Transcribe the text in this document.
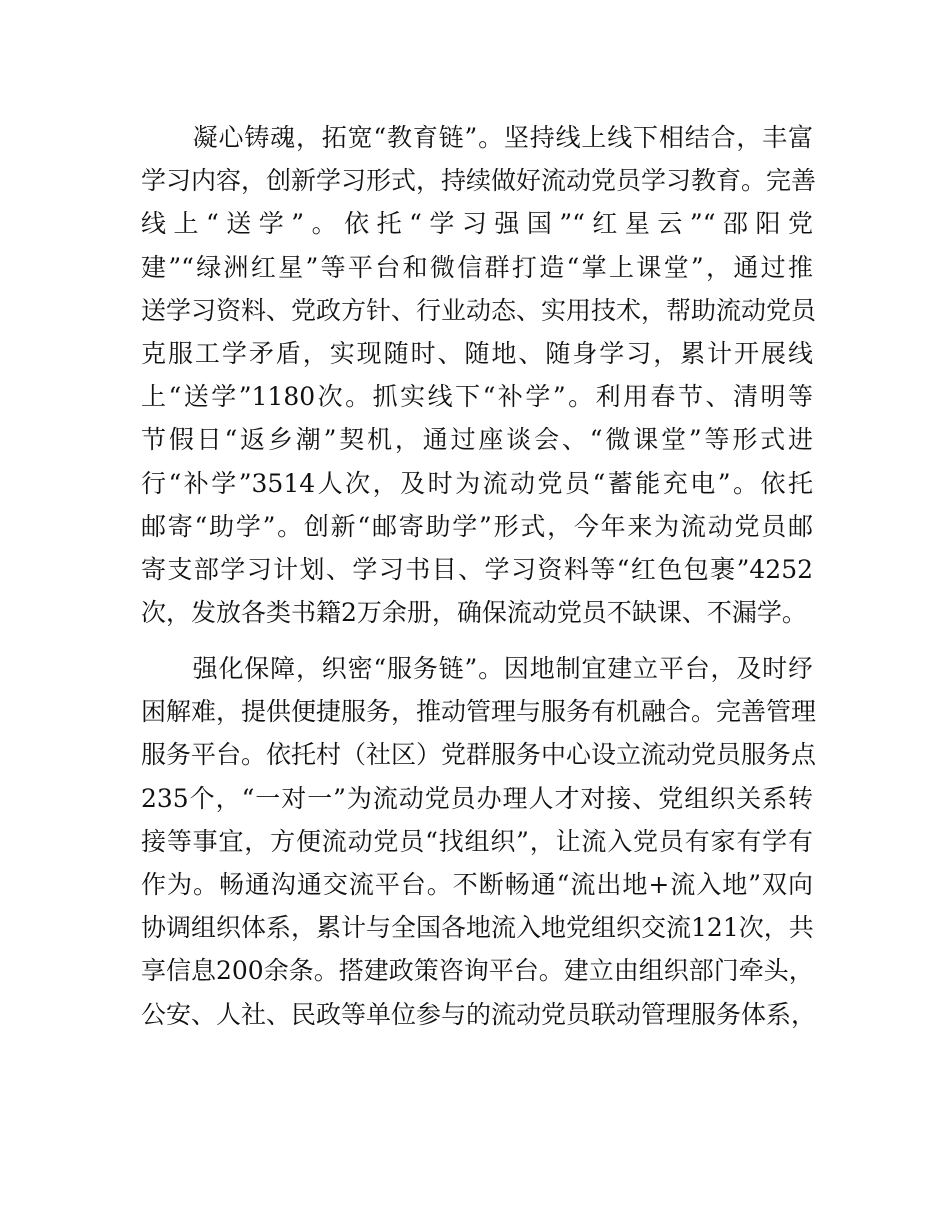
　　凝心铸魂，拓宽“教育链”。坚持线上线下相结合，丰富
学习内容，创新学习形式，持续做好流动党员学习教育。完善
线上“送学”。依托“学习强国”“红星云”“邵阳党
建”“绿洲红星”等平台和微信群打造“掌上课堂”，通过推
送学习资料、党政方针、行业动态、实用技术，帮助流动党员
克服工学矛盾，实现随时、随地、随身学习，累计开展线
上“送学”1180次。抓实线下“补学”。利用春节、清明等
节假日“返乡潮”契机，通过座谈会、“微课堂”等形式进
行“补学”3514人次，及时为流动党员“蓄能充电”。依托
邮寄“助学”。创新“邮寄助学”形式，今年来为流动党员邮
寄支部学习计划、学习书目、学习资料等“红色包裹”4252
次，发放各类书籍2万余册，确保流动党员不缺课、不漏学。
　　强化保障，织密“服务链”。因地制宜建立平台，及时纾
困解难，提供便捷服务，推动管理与服务有机融合。完善管理
服务平台。依托村（社区）党群服务中心设立流动党员服务点
235个，“一对一”为流动党员办理人才对接、党组织关系转
接等事宜，方便流动党员“找组织”，让流入党员有家有学有
作为。畅通沟通交流平台。不断畅通“流出地+流入地”双向
协调组织体系，累计与全国各地流入地党组织交流121次，共
享信息200余条。搭建政策咨询平台。建立由组织部门牵头，
公安、人社、民政等单位参与的流动党员联动管理服务体系，
